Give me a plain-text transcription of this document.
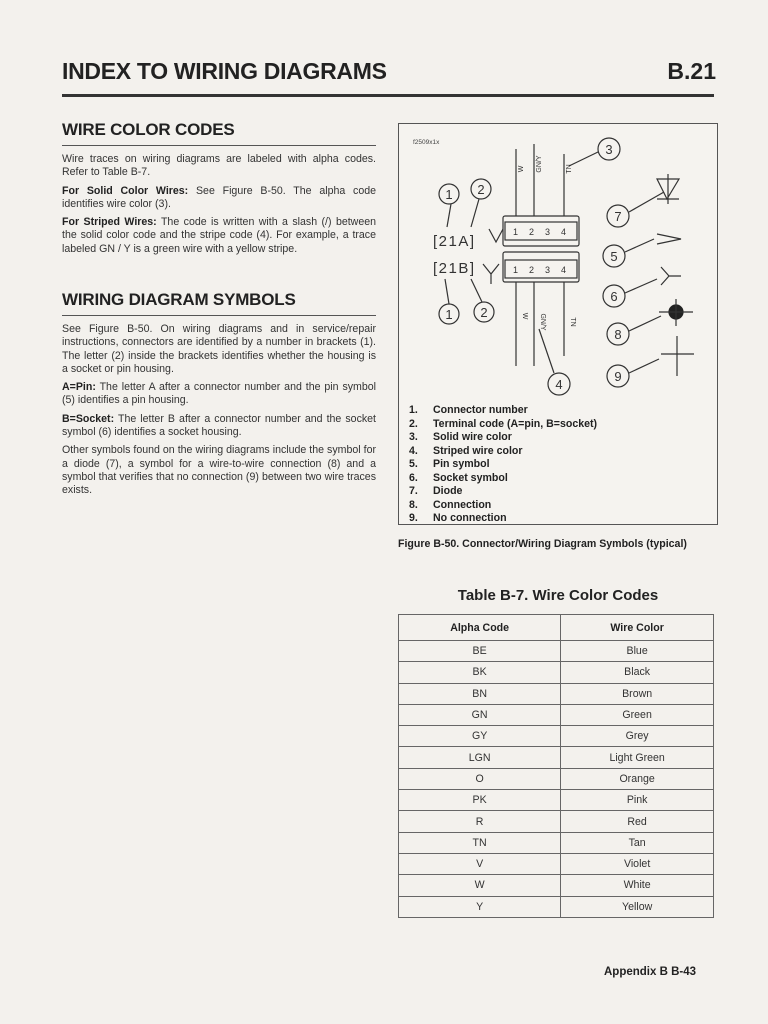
INDEX TO WIRING DIAGRAMS	B.21
WIRE COLOR CODES

Wire traces on wiring diagrams are labeled with alpha codes. Refer to Table B-7.

For Solid Color Wires: See Figure B-50. The alpha code identifies wire color (3).

For Striped Wires: The code is written with a slash (/) between the solid color code and the stripe code (4). For example, a trace labeled GN / Y is a green wire with a yellow stripe.

WIRING DIAGRAM SYMBOLS

See Figure B-50. On wiring diagrams and in service/repair instructions, connectors are identified by a number in brackets (1). The letter (2) inside the brackets identifies whether the housing is a socket or pin housing.

A=Pin: The letter A after a connector number and the pin symbol (5) identifies a pin housing.

B=Socket: The letter B after a connector number and the socket symbol (6) identifies a socket housing.

Other symbols found on the wiring diagrams include the symbol for a diode (7), a symbol for a wire-to-wire connection (8) and a symbol that verifies that no connection (9) between two wire traces exists.

f2509x1x
W GN/Y	TN
1 2 3 4
[21A]
1 2 3 4
[21B]
W GN/Y	TN
1 2
1 2
3
4
7
5
6
8
9
1. Connector number
2. Terminal code (A=pin, B=socket)
3. Solid wire color
4. Striped wire color
5. Pin symbol
6. Socket symbol
7. Diode
8. Connection
9. No connection
Figure B-50. Connector/Wiring Diagram Symbols (typical)
Table B-7. Wire Color Codes
Alpha Code	Wire Color
BE	Blue
BK	Black
BN	Brown
GN	Green
GY	Grey
LGN	Light Green
O	Orange
PK	Pink
R	Red
TN	Tan
V	Violet
W	White
Y	Yellow
Appendix B B-43
